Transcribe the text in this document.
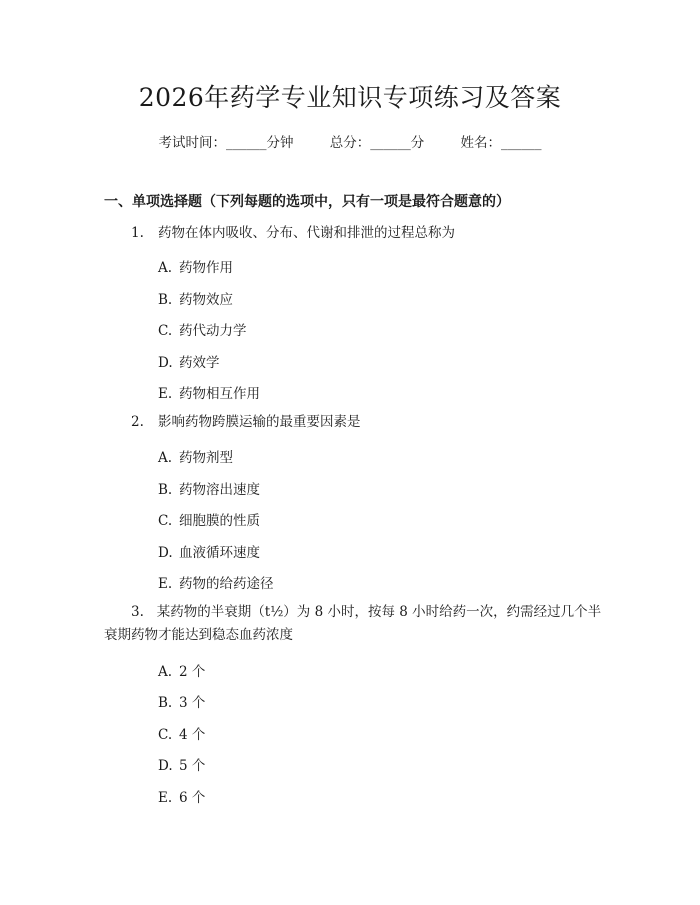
2026年药学专业知识专项练习及答案
考试时间：______分钟	总分：______分	姓名：______
一、单项选择题（下列每题的选项中，只有一项是最符合题意的）
1. 药物在体内吸收、分布、代谢和排泄的过程总称为
A. 药物作用
B. 药物效应
C. 药代动力学
D. 药效学
E. 药物相互作用
2. 影响药物跨膜运输的最重要因素是
A. 药物剂型
B. 药物溶出速度
C. 细胞膜的性质
D. 血液循环速度
E. 药物的给药途径
3. 某药物的半衰期（t½）为 8 小时，按每 8 小时给药一次，约需经过几个半衰期药物才能达到稳态血药浓度
A. 2 个
B. 3 个
C. 4 个
D. 5 个
E. 6 个
